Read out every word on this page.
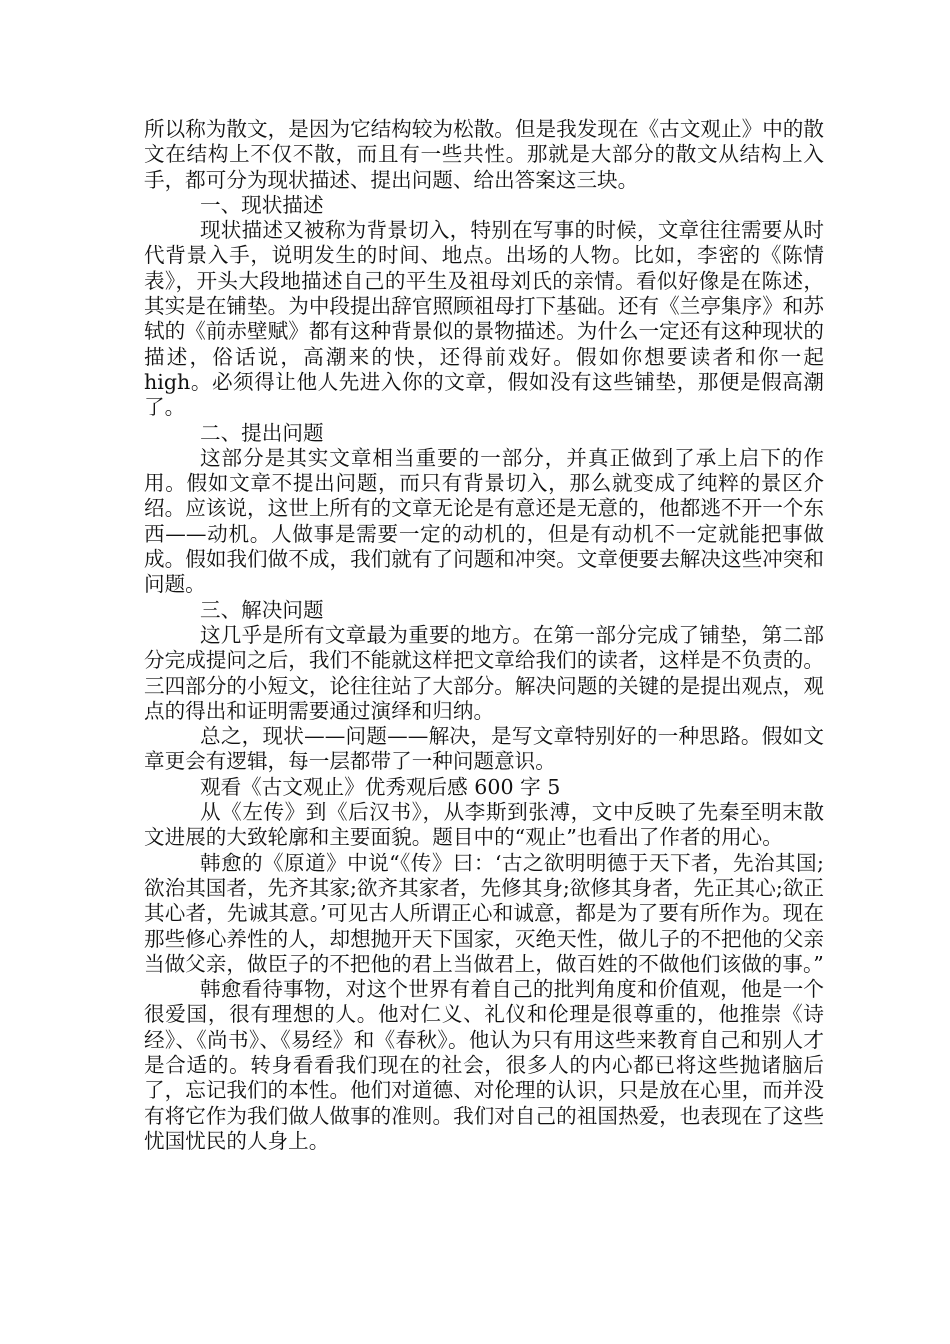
所以称为散文，是因为它结构较为松散。但是我发现在《古文观止》中的散文在结构上不仅不散，而且有一些共性。那就是大部分的散文从结构上入手，都可分为现状描述、提出问题、给出答案这三块。

一、现状描述

现状描述又被称为背景切入，特别在写事的时候，文章往往需要从时代背景入手，说明发生的时间、地点。出场的人物。比如，李密的《陈情表》，开头大段地描述自己的平生及祖母刘氏的亲情。看似好像是在陈述，其实是在铺垫。为中段提出辞官照顾祖母打下基础。还有《兰亭集序》和苏轼的《前赤壁赋》都有这种背景似的景物描述。为什么一定还有这种现状的描述，俗话说，高潮来的快，还得前戏好。假如你想要读者和你一起 high。必须得让他人先进入你的文章，假如没有这些铺垫，那便是假高潮了。

二、提出问题

这部分是其实文章相当重要的一部分，并真正做到了承上启下的作用。假如文章不提出问题，而只有背景切入，那么就变成了纯粹的景区介绍。应该说，这世上所有的文章无论是有意还是无意的，他都逃不开一个东西——动机。人做事是需要一定的动机的，但是有动机不一定就能把事做成。假如我们做不成，我们就有了问题和冲突。文章便要去解决这些冲突和问题。

三、解决问题

这几乎是所有文章最为重要的地方。在第一部分完成了铺垫，第二部分完成提问之后，我们不能就这样把文章给我们的读者，这样是不负责的。三四部分的小短文，论往往站了大部分。解决问题的关键的是提出观点，观点的得出和证明需要通过演绎和归纳。

总之，现状——问题——解决，是写文章特别好的一种思路。假如文章更会有逻辑，每一层都带了一种问题意识。

观看《古文观止》优秀观后感 600 字 5

从《左传》到《后汉书》，从李斯到张溥，文中反映了先秦至明末散文进展的大致轮廓和主要面貌。题目中的“观止”也看出了作者的用心。

韩愈的《原道》中说“《传》曰：‘古之欲明明德于天下者，先治其国;欲治其国者，先齐其家;欲齐其家者，先修其身;欲修其身者，先正其心;欲正其心者，先诚其意。’可见古人所谓正心和诚意，都是为了要有所作为。现在那些修心养性的人，却想抛开天下国家，灭绝天性，做儿子的不把他的父亲当做父亲，做臣子的不把他的君上当做君上，做百姓的不做他们该做的事。”

韩愈看待事物，对这个世界有着自己的批判角度和价值观，他是一个很爱国，很有理想的人。他对仁义、礼仪和伦理是很尊重的，他推崇《诗经》、《尚书》、《易经》和《春秋》。他认为只有用这些来教育自己和别人才是合适的。转身看看我们现在的社会，很多人的内心都已将这些抛诸脑后了，忘记我们的本性。他们对道德、对伦理的认识，只是放在心里，而并没有将它作为我们做人做事的准则。我们对自己的祖国热爱，也表现在了这些忧国忧民的人身上。
